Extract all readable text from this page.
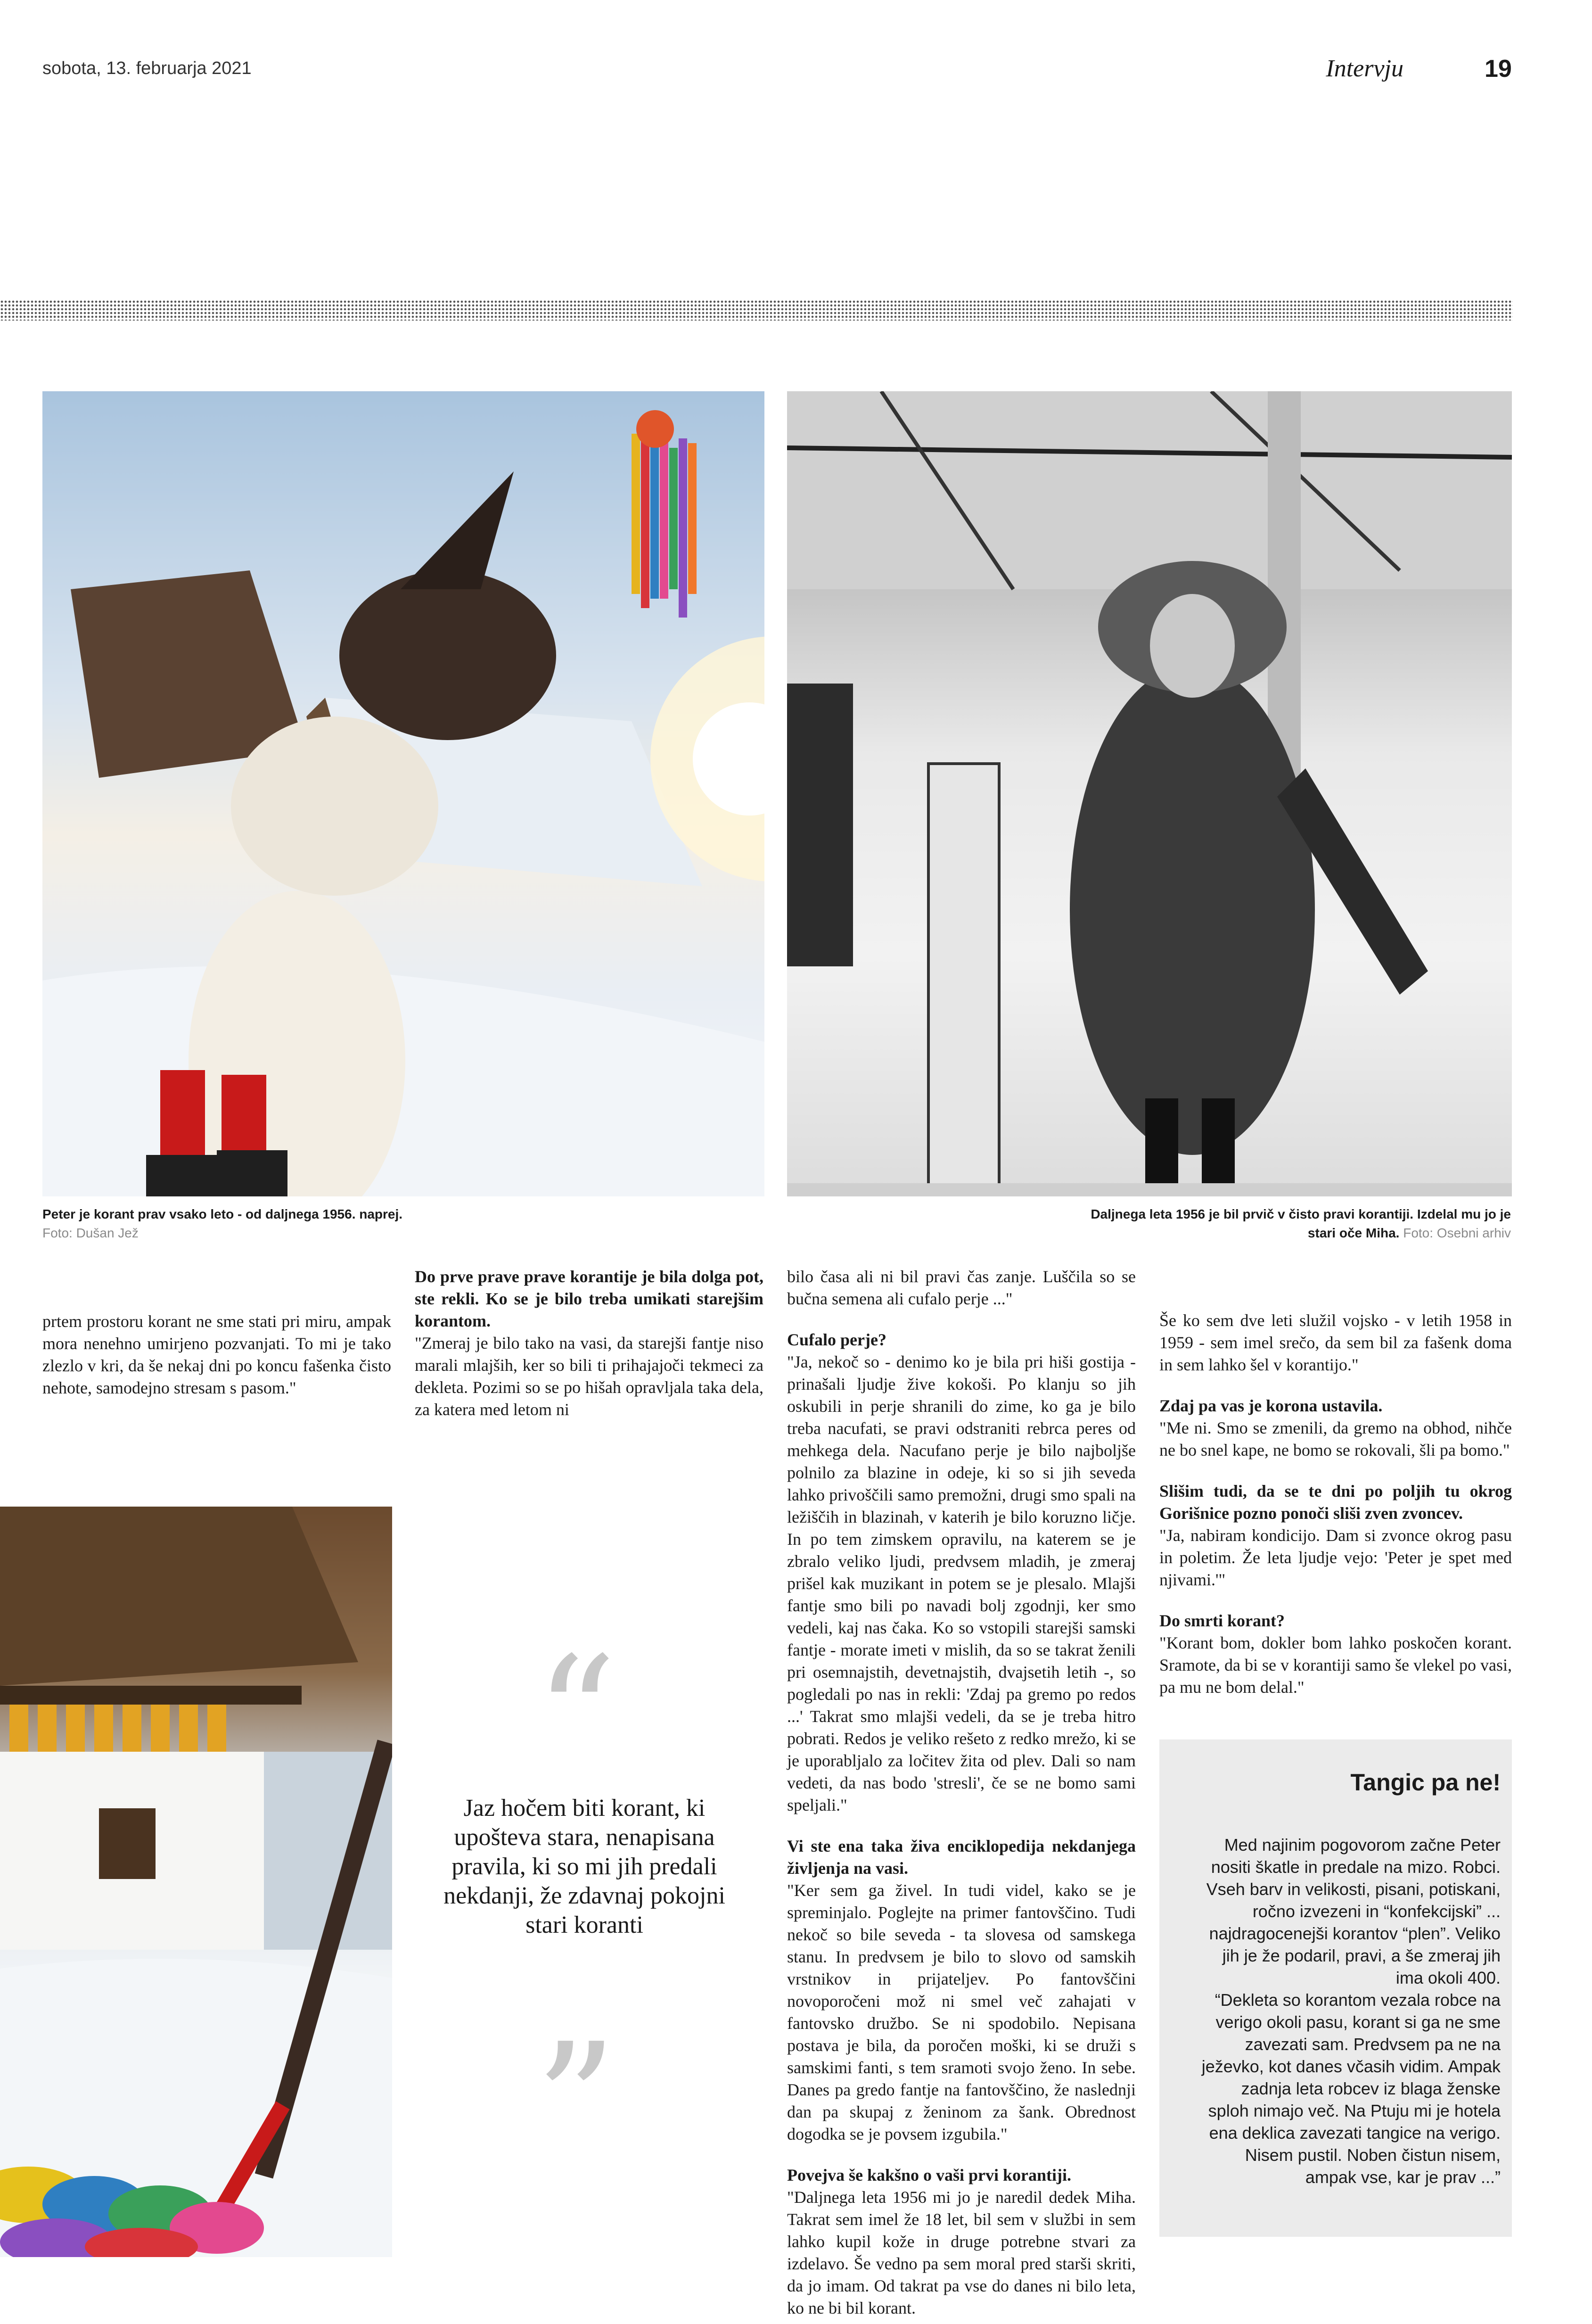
sobota, 13. februarja 2021	Intervju	19
Peter je korant prav vsako leto - od daljnega 1956. naprej. Foto: Dušan Jež
Daljnega leta 1956 je bil prvič v čisto pravi korantiji. Izdelal mu jo je stari oče Miha. Foto: Osebni arhiv

prtem prostoru korant ne sme stati pri miru, ampak mora nenehno umirjeno pozvanjati. To mi je tako zlezlo v kri, da še nekaj dni po koncu fašenka čisto nehote, samodejno stresam s pasom."

Do prve prave prave korantije je bila dolga pot, ste rekli. Ko se je bilo treba umikati starejšim korantom.

"Zmeraj je bilo tako na vasi, da starejši fantje niso marali mlajših, ker so bili ti prihajajoči tekmeci za dekleta. Pozimi so se po hišah opravljala taka dela, za katera med letom ni

bilo časa ali ni bil pravi čas zanje. Luščila so se bučna semena ali cufalo perje ..."

Cufalo perje?

"Ja, nekoč so - denimo ko je bila pri hiši gostija - prinašali ljudje žive kokoši. Po klanju so jih oskubili in perje shranili do zime, ko ga je bilo treba nacufati, se pravi odstraniti rebrca peres od mehkega dela. Nacufano perje je bilo najboljše polnilo za blazine in odeje, ki so si jih seveda lahko privoščili samo premožni, drugi smo spali na ležiščih in blazinah, v katerih je bilo koruzno ličje. In po tem zimskem opravilu, na katerem se je zbralo veliko ljudi, predvsem mladih, je zmeraj prišel kak muzikant in potem se je plesalo. Mlajši fantje smo bili po navadi bolj zgodnji, ker smo vedeli, kaj nas čaka. Ko so vstopili starejši samski fantje - morate imeti v mislih, da so se takrat ženili pri osemnajstih, devetnajstih, dvajsetih letih -, so pogledali po nas in rekli: 'Zdaj pa gremo po redos ...' Takrat smo mlajši vedeli, da se je treba hitro pobrati. Redos je veliko rešeto z redko mrežo, ki se je uporabljalo za ločitev žita od plev. Dali so nam vedeti, da nas bodo 'stresli', če se ne bomo sami speljali."

Vi ste ena taka živa enciklopedija nekdanjega življenja na vasi.

"Ker sem ga živel. In tudi videl, kako se je spreminjalo. Poglejte na primer fantovščino. Tudi nekoč so bile seveda - ta slovesa od samskega stanu. In predvsem je bilo to slovo od samskih vrstnikov in prijateljev. Po fantovščini novoporočeni mož ni smel več zahajati v fantovsko družbo. Se ni spodobilo. Nepisana postava je bila, da poročen moški, ki se druži s samskimi fanti, s tem sramoti svojo ženo. In sebe. Danes pa gredo fantje na fantovščino, že naslednji dan pa skupaj z ženinom za šank. Obrednost dogodka se je povsem izgubila."

Povejva še kakšno o vaši prvi korantiji.

"Daljnega leta 1956 mi jo je naredil dedek Miha. Takrat sem imel že 18 let, bil sem v službi in sem lahko kupil kože in druge potrebne stvari za izdelavo. Še vedno pa sem moral pred starši skriti, da jo imam. Od takrat pa vse do danes ni bilo leta, ko ne bi bil korant.

Še ko sem dve leti služil vojsko - v letih 1958 in 1959 - sem imel srečo, da sem bil za fašenk doma in sem lahko šel v korantijo."

Zdaj pa vas je korona ustavila.

"Me ni. Smo se zmenili, da gremo na obhod, nihče ne bo snel kape, ne bomo se rokovali, šli pa bomo."

Slišim tudi, da se te dni po poljih tu okrog Gorišnice pozno ponoči sliši zven zvoncev.

"Ja, nabiram kondicijo. Dam si zvonce okrog pasu in poletim. Že leta ljudje vejo: 'Peter je spet med njivami.'"

Do smrti korant?

"Korant bom, dokler bom lahko poskočen korant. Sramote, da bi se v korantiji samo še vlekel po vasi, pa mu ne bom delal."

“
Jaz hočem biti korant, ki upošteva stara, nenapisana pravila, ki so mi jih predali nekdanji, že zdavnaj pokojni stari koranti
”
Tangic pa ne!

Med najinim pogovorom začne Peter nositi škatle in predale na mizo. Robci. Vseh barv in velikosti, pisani, potiskani, ročno izvezeni in “konfekcijski” ... najdragocenejši korantov “plen”. Veliko jih je že podaril, pravi, a še zmeraj jih ima okoli 400.

“Dekleta so korantom vezala robce na verigo okoli pasu, korant si ga ne sme zavezati sam. Predvsem pa ne na ježevko, kot danes včasih vidim. Ampak zadnja leta robcev iz blaga ženske sploh nimajo več. Na Ptuju mi je hotela ena deklica zavezati tangice na verigo. Nisem pustil. Noben čistun nisem, ampak vse, kar je prav ...”
